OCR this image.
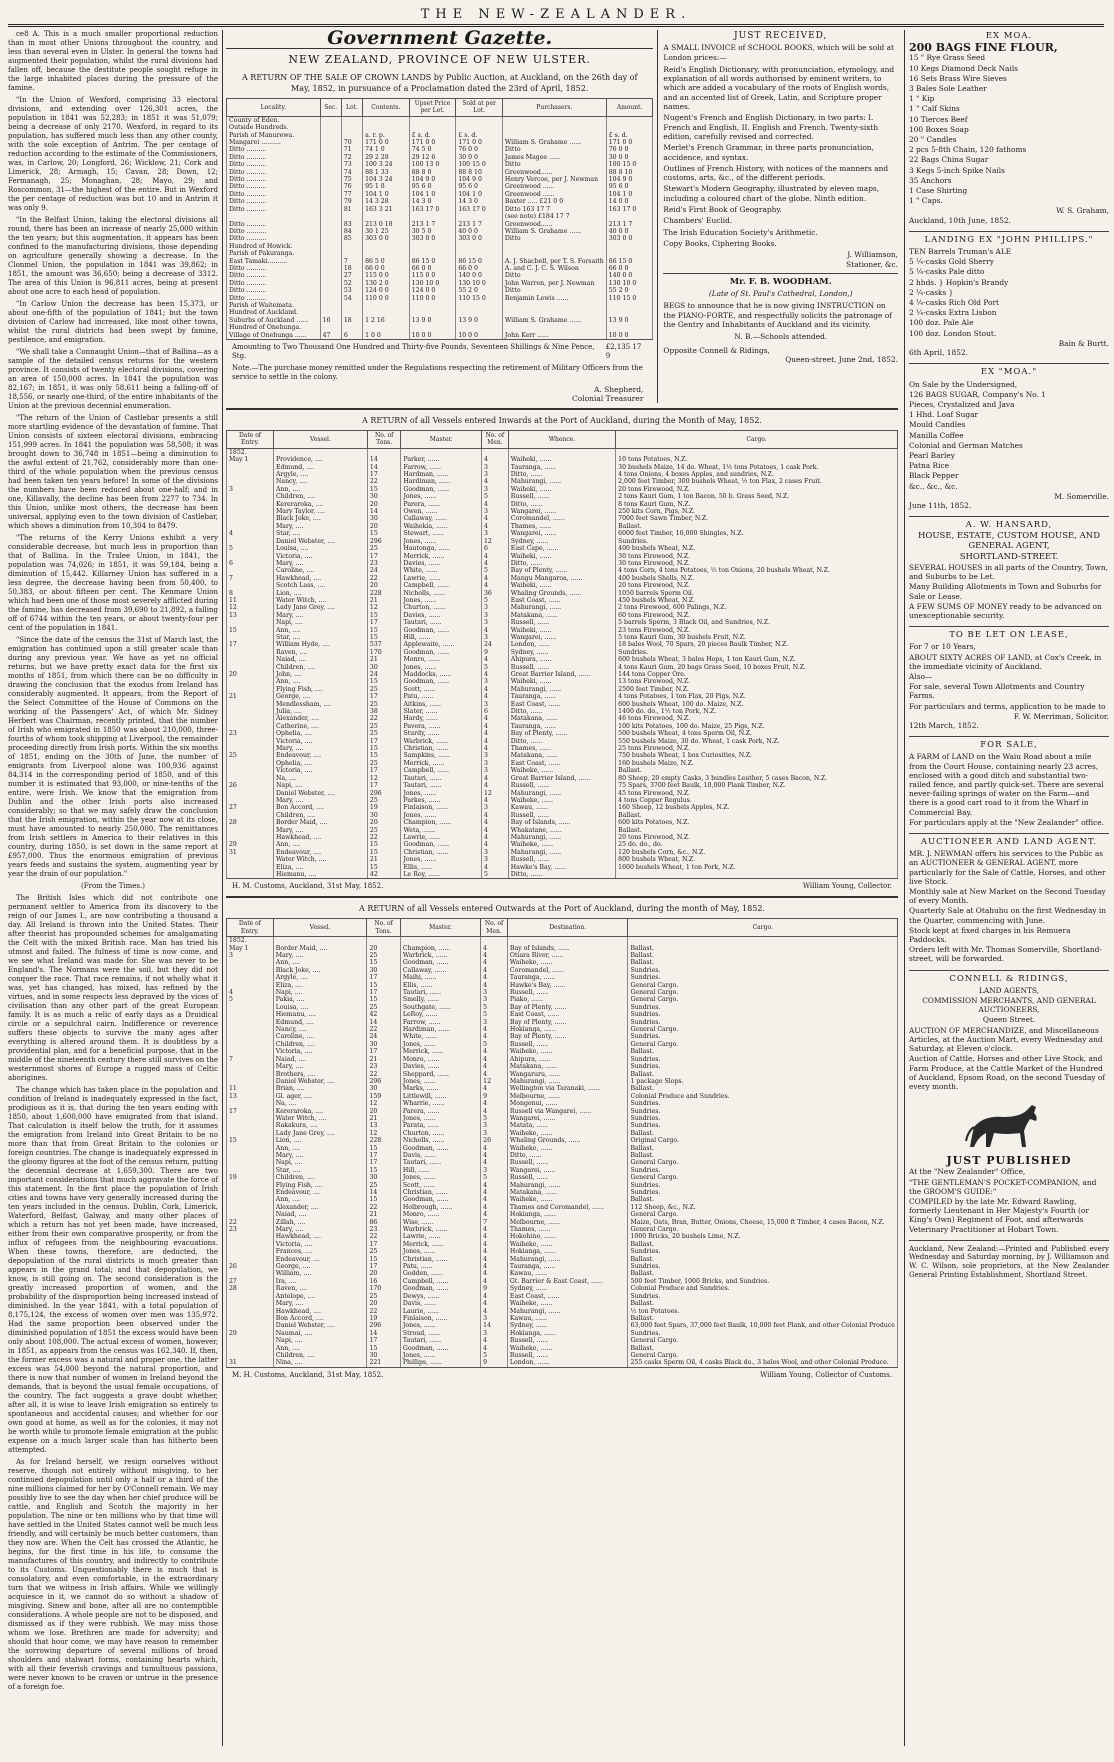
THE NEW-ZEALANDER.

ce8 A. This is a much smaller proportional reduction than in most other Unions throughout the country, and less than several even in Ulster. In general the towns had augmented their population, whilst the rural divisions had fallen off, because the destitute people sought refuge in the large inhabited places during the pressure of the famine.

"In the Union of Wexford, comprising 33 electoral divisions, and extending over 126,301 acres, the population in 1841 was 52,283; in 1851 it was 51,079; being a decrease of only 2170. Wexford, in regard to its population, has suffered much less than any other county, with the sole exception of Antrim. The per centage of reduction according to the estimate of the Commissioners, was, in Carlow, 20; Longford, 26; Wicklow, 21; Cork and Limerick, 28; Armagh, 15; Cavan, 28; Down, 12; Fermanagh, 25; Monaghan, 28; Mayo, 29; and Roscommon, 31—the highest of the entire. But in Wexford the per centage of reduction was but 10 and in Antrim it was only 9.

"In the Belfast Union, taking the electoral divisions all round, there has been an increase of nearly 25,000 within the ten years; but this augmentation, it appears has been confined to the manufacturing divisions, those depending on agriculture generally showing a decrease. In the Clonmel Union, the population in 1841 was 39,862; in 1851, the amount was 36,650; being a decrease of 3312. The area of this Union is 96,811 acres, being at present about one acre to each head of population.

"In Carlow Union the decrease has been 15,373, or about one-fifth of the population of 1841; but the town division of Carlow had increased, like most other towns, whilst the rural districts had been swept by famine, pestilence, and emigration.

"We shall take a Connaught Union—that of Ballina—as a sample of the detailed census returns for the western province. It consists of twenty electoral divisions, covering an area of 150,000 acres. In 1841 the population was 82,167; in 1851, it was only 58,611 being a falling-off of 18,556, or nearly one-third, of the entire inhabitants of the Union at the previous decennial enumeration.

"The return of the Union of Castlebar presents a still more startling evidence of the devastation of famine. That Union consists of sixteen electoral divisions, embracing 151,999 acres. In 1841 the population was 58,508; it was brought down to 36,748 in 1851—being a diminution to the awful extent of 21,762, considerably more than one-third of the whole population when the previous census had been taken ten years before! In some of the divisions the numbers have been reduced about one-half; and in one, Killavally, the decline has been from 2277 to 734. In this Union, unlike most others, the decrease has been universal, applying even to the town division of Castlebar, which shows a diminution from 10,304 to 8479.

"The returns of the Kerry Unions exhibit a very considerable decrease, but much less in proportion than that of Ballina. In the Tralee Union, in 1841, the population was 74,026; in 1851, it was 59,184, being a diminution of 15,442. Killarney Union has suffered in a less degree, the decrease having been from 50,400, to 50,383, or about fifteen per cent. The Kenmare Union which had been one of those most severely afflicted during the famine, has decreased from 39,690 to 21,892, a falling off of 6744 within the ten years, or about twenty-four per cent of the population in 1841.

"Since the date of the census the 31st of March last, the emigration has continued upon a still greater scale than during any previous year. We have as yet no official returns, but we have pretty exact data for the first six months of 1851, from which there can be no difficulty in drawing the conclusion that the exodus from Ireland has considerably augmented. It appears, from the Report of the Select Committee of the House of Commons on the working of the Passengers' Act, of which Mr. Sidney Herbert was Chairman, recently printed, that the number of Irish who emigrated in 1850 was about 210,000, three-fourths of whom took shipping at Liverpool, the remainder proceeding directly from Irish ports. Within the six months of 1851, ending on the 30th of June, the number of emigrants from Liverpool alone was 100,936 against 84,314 in the corresponding period of 1850, and of this number it is estimated that 93,000, or nine-tenths of the entire, were Irish. We know that the emigration from Dublin and the other Irish ports also increased considerably; so that we may safely draw the conclusion that the Irish emigration, within the year now at its close, must have amounted to nearly 250,000. The remittances from Irish settlers in America to their relatives in this country, during 1850, is set down in the same report at £957,000. Thus the enormous emigration of previous years feeds and sustains the system, augmenting year by year the drain of our population."

(From the Times.)

The British Isles which did not contribute one permanent settler to America from its discovery to the reign of our James I., are now contributing a thousand a day. All Ireland is thrown into the United States. Their after theorist has propounded schemes for amalgamating the Celt with the mixed British race. Man has tried his utmost and failed. The fulness of time is now come, and we see what Ireland was made for. She was never to be England's. The Normans were the soil, but they did not conquer the race. That race remains, if not wholly what it was, yet has changed, has mixed, has refined by the virtues, and in some respects less depraved by the vices of civilisation than any other part of the great European family. It is as much a relic of early days as a Druidical circle or a sepulchral cairn. Indifference or reverence suffers these objects to survive the many ages after everything is altered around them. It is doubtless by a providential plan, and for a beneficial purpose, that in the middle of the nineteenth century there still survives on the westernmost shores of Europe a rugged mass of Celtic aborigines.

The change which has taken place in the population and condition of Ireland is inadequately expressed in the fact, prodigious as it is, that during the ten years ending with 1850, about 1,600,000 have emigrated from that island. That calculation is itself below the truth, for it assumes the emigration from Ireland into Great Britain to be no more than that from Great Britain to the colonies or foreign countries. The change is inadequately expressed in the gloomy figures at the foot of the census return, putting the decennial decrease at 1,659,300. There are two important considerations that much aggravate the force of this statement. In the first place the population of Irish cities and towns have very generally increased during the ten years included in the census. Dublin, Cork, Limerick, Waterford, Belfast, Galway, and many other places of which a return has not yet been made, have increased, either from their own comparative prosperity, or from the influx of refugees from the neighbouring evacuations. When these towns, therefore, are deducted, the depopulation of the rural districts is much greater than appears in the grand total; and that depopulation, we know, is still going on. The second consideration is the greatly increased proportion of women, and the probability of the disproportion being increased instead of diminished. In the year 1841, with a total population of 8,175,124, the excess of women over men was 135,972. Had the same proportion been observed under the diminished population of 1851 the excess would have been only about 108,000. The actual excess of women, however, in 1851, as appears from the census was 162,340. If, then, the former excess was a natural and proper one, the latter excess was 54,000 beyond the natural proportion, and there is now that number of women in Ireland beyond the demands, that is beyond the usual female occupations, of the country. The fact suggests a grave doubt whether, after all, it is wise to leave Irish emigration so entirely to spontaneous and accidental causes; and whether for our own good at home, as well as for the colonies, it may not be worth while to promote female emigration at the public expense on a much larger scale than has hitherto been attempted.

As for Ireland herself, we resign ourselves without reserve, though not entirely without misgiving, to her continued depopulation until only a half or a third of the nine millions claimed for her by O'Connell remain. We may possibly live to see the day when her chief produce will be cattle, and English and Scotch the majority in her population. The nine or ten millions who by that time will have settled in the United States cannot well be much less friendly, and will certainly be much better customers, than they now are. When the Celt has crossed the Atlantic, he begins, for the first time in his life, to consume the manufactures of this country, and indirectly to contribute to its Customs. Unquestionably there is much that is consolatory, and even comfortable, in the extraordinary turn that we witness in Irish affairs. While we willingly acquiesce in it, we cannot do so without a shadow of misgiving. Sinew and bone, after all are no contemptible considerations. A whole people are not to be disposed, and dismissed as if they were rubbish. We may miss those whom we lose. Brethren are made for adversity; and should that hour come, we may have reason to remember the sorrowing departure of several millions of broad shoulders and stalwart forms, containing hearts which, with all their feverish cravings and tumultuous passions, were never known to be craven or untrue in the presence of a foreign foe.

Government Gazette.
NEW ZEALAND, PROVINCE OF NEW ULSTER.
A RETURN OF THE SALE OF CROWN LANDS by Public Auction, at Auckland, on the 26th day of May, 1852, in pursuance of a Proclamation dated the 23rd of April, 1852.
Locality.	Sec.	Lot.	Contents.	Upset Price per Lot.	Sold at per Lot.	Purchasers.	Amount.
County of Eden.							
Outside Hundreds.							
Parish of Manurewa.			a. r. p.	£ s. d.	£ s. d.		£ s. d.
Mangarei ..........		70	171 0 0	171 0 0	171 0 0	William S. Grahame ......	171 0 0
Ditto ..........		71	74 1 0	74 5 0	76 0 0	Ditto	76 0 0
Ditto ..........		72	29 2 28	29 12 6	30 0 0	James Magee ......	30 0 0
Ditto ..........		73	100 3 24	100 13 0	100 15 0	Ditto	100 15 0
Ditto ..........		74	88 1 33	88 8 0	88 8 10	Greenwood......	88 8 10
Ditto ..........		75	104 3 24	104 9 0	104 9 0	Henry Vercoe, per J. Newman	104 9 0
Ditto ..........		76	95 1 8	95 6 0	95 6 0	Greenwood ......	95 6 0
Ditto ..........		77	104 1 0	104 1 0	104 1 0	Greenwood ......	104 1 0
Ditto ..........		79	14 3 28	14 3 0	14 3 0	Baxter ..... £21 0 0	14 0 0
Ditto ..........		81	163 3 21	163 17 0	163 17 0	Ditto 163 17 7	163 17 0
						(see note) £184 17 7	
Ditto ..........		83	213 0 18	213 1 7	213 1 7	Greenwood......	213 1 7
Ditto ..........		84	30 1 25	30 5 0	40 0 0	William S. Grahame ......	40 0 0
Ditto ..........		85	303 0 0	303 0 0	303 0 0	Ditto	303 0 0
Hundred of Howick.							
Parish of Pakuranga.							
East Tamaki..........		7	86 5 0	86 15 0	86 15 0	A. J. Shacbell, per T. S. Forsaith	86 15 0
Ditto ..........		18	66 0 0	66 0 0	66 0 0	A. and C. J. C. S. Wilson	66 0 0
Ditto ..........		27	115 0 0	115 0 0	140 0 0	Ditto	140 0 0
Ditto ..........		52	130 2 0	130 10 0	130 10 0	John Warren, per J. Newman	130 10 0
Ditto ..........		53	124 0 0	124 0 0	55 2 0	Ditto	55 2 0
Ditto ..........		54	110 0 0	110 0 0	110 15 0	Benjamin Lewis ......	110 15 0
Parish of Waitemata.							
Hundred of Auckland.							
Suburbs of Auckland ......	16	18	1 2 16	13 9 0	13 9 0	William S. Grahame ......	13 9 0
Hundred of Onehunga.							
Village of Onehunga ......	47	6	1 0 0	10 0 0	10 0 0	John Kerr ......	10 0 0
Amounting to Two Thousand One Hundred and Thirty-five Pounds, Seventeen Shillings & Nine Pence, Stg.
£2,135 17 9
Note.—The purchase money remitted under the Regulations respecting the retirement of Military Officers from the service to settle in the colony.
A. Shepherd,
Colonial Treasurer
JUST RECEIVED,
A SMALL INVOICE of SCHOOL BOOKS, which will be sold at London prices:—
Reid's English Dictionary, with pronunciation, etymology, and explanation of all words authorised by eminent writers, to which are added a vocabulary of the roots of English words, and an accented list of Greek, Latin, and Scripture proper names.
Nugent's French and English Dictionary, in two parts: I. French and English, II. English and French. Twenty-sixth edition, carefully revised and corrected.
Merlet's French Grammar, in three parts pronunciation, accidence, and syntax.
Outlines of French History, with notices of the manners and customs, arts, &c., of the different periods.
Stewart's Modern Geography, illustrated by eleven maps, including a coloured chart of the globe. Ninth edition.
Reid's First Book of Geography.
Chambers' Euclid.
The Irish Education Society's Arithmetic.
Copy Books, Ciphering Books.
J. Williamson,
Stationer, &c.
Mr. F. B. WOODHAM.
(Late of St. Paul's Cathedral, London,)
BEGS to announce that he is now giving INSTRUCTION on the PIANO-FORTE, and respectfully solicits the patronage of the Gentry and Inhabitants of Auckland and its vicinity.
N. B.—Schools attended.
Opposite Connell & Ridings,
Queen-street, June 2nd, 1852.
A RETURN of all Vessels entered Inwards at the Port of Auckland, during the Month of May, 1852.
Date of Entry.	Vessel.	No. of Tons.	Master.	No. of Men.	Whence.	Cargo.
1852.						
May 1	Providence, ....	14	Parker, ......	4	Waiheki, ......	10 tons Potatoes, N.Z.
	Edmund, ....	14	Farrow, ......	3	Tauranga, ......	30 bushels Maize, 14 do. Wheat, 1½ tons Potatoes, 1 cask Pork.
	Argyle, ....	17	Hardman, ......	3	Ditto, ......	4 tons Onions, 4 boxes Apples, and sundries, N.Z.
	Nancy, ....	22	Hardiman, ......	4	Mahurangi, ......	2,000 feet Timber, 300 bushels Wheat, ½ ton Flax, 2 cases Fruit.
3	Ann, ....	15	Goodman, ......	3	Waiheki, ......	20 tons Firewood, N.Z.
	Children, ....	30	Jones, ......	5	Russell, ......	2 tons Kauri Gum, 1 ton Bacon, 50 b. Grass Seed, N.Z.
	Kereraroka, ....	20	Parera, ......	4	Ditto, ......	8 tons Kauri Gum, N.Z.
	Mary Taylor, ....	14	Owen, ......	3	Wangarei, ......	250 kits Corn, Pigs, N.Z.
	Black Joke, ....	30	Callaway, ......	4	Coromandel, ......	7000 feet Sawn Timber, N.Z.
	Mary, ....	20	Waihekia, ......	4	Thames, ......	Ballast.
4	Star, ....	15	Stewart, ......	3	Wangarei, ......	6000 feet Timber, 10,000 Shingles, N.Z.
	Daniel Webster, ....	296	Jones, ......	12	Sydney, ......	Sundries.
5	Louisa, ....	25	Hautonga, ......	6	East Cape, ......	400 bushels Wheat, N.Z.
	Victoria, ....	17	Merrick, ......	4	Waiheki, ......	30 tons Firewood, N.Z.
6	Mary, ....	23	Davies, ......	4	Ditto, ......	30 tons Firewood, N.Z.
	Caroline, ....	24	White, ......	5	Bay of Plenty, ......	4 tons Corn, 4 tons Potatoes, ½ ton Onions, 20 bushels Wheat, N.Z.
7	Hawkhead, ....	22	Lawrie, ......	4	Mangu Mangaroa, ......	400 bushels Shells, N.Z.
	Scotch Lass, ....	20	Campbell, ......	4	Waiheki, ......	20 tons Firewood, N.Z.
8	Lion, ....	228	Nicholls, ......	36	Whaling Grounds, ......	1050 barrels Sperm Oil.
11	Water Witch, ....	21	Jones, ......	5	East Coast, ......	450 bushels Wheat, N.Z.
12	Lady Jane Grey, ....	12	Churton, ......	3	Mahurangi, ......	2 tons Firewood, 600 Palings, N.Z.
13	Mary, ....	15	Davies, ......	3	Matakana, ......	60 tons Firewood, N.Z.
	Napi, ....	17	Tautari, ......	3	Russell, ......	5 barrels Sperm, 3 Black Oil, and Sundries, N.Z.
15	Ann, ....	15	Goodman, ......	4	Waiheki, ......	23 tons Firewood, N.Z.
	Star, ....	15	Hill, ......	3	Wangarei, ......	5 tons Kauri Gum, 30 bushels Fruit, N.Z.
17	William Hyde, ....	537	Applewaite, ......	24	London, ......	18 bales Wool, 70 Spars, 20 pieces Baulk Timber, N.Z.
	Raven, ....	170	Goodman, ......	9	Sydney, ......	Sundries.
	Naiad, ....	21	Monro, ......	4	Ahipura, ......	600 bushels Wheat, 3 bales Hops, 1 ton Kauri Gum, N.Z.
	Children, ....	30	Jones, ......	5	Russell, ......	4 tons Kauri Gum, 20 bags Grass Seed, 10 boxes Fruit, N.Z.
20	John, ....	24	Maddocks, ......	4	Great Barrier Island, ......	144 tons Copper Ore.
	Ann, ....	15	Goodman, ......	3	Waiheki, ......	13 tons Firewood, N.Z.
	Flying Fish, ....	25	Scott, ......	4	Mahurangi, ......	2500 feet Timber, N.Z.
21	George, ....	17	Patu, ......	4	Tauranga, ......	4 tons Potatoes, 1 ton Flax, 20 Pigs, N.Z.
	Mendlessham, ....	25	Aitkins, ......	3	East Coast, ......	600 bushels Wheat, 100 do. Maize, N.Z.
	Julia, ....	38	Slater, ......	6	Ditto, ......	1400 do. do., 1½ ton Pork, N.Z.
	Alexander, ....	22	Hardy, ......	4	Matakana, ......	46 tons Firewood, N.Z.
	Catherine, ....	25	Pavera, ......	4	Tauranga, ......	100 kits Potatoes, 100 do. Maize, 25 Pigs, N.Z.
23	Ophelia, ....	25	Sturdy, ......	4	Bay of Plenty, ......	500 bushels Wheat, 4 tons Sperm Oil, N.Z.
	Victoria, ....	17	Warbrick, ......	4	Ditto, ......	550 bushels Maize, 30 do. Wheat, 1 cask Pork, N.Z.
	Mary, ....	15	Christian, ......	4	Thames, ......	25 tons Firewood, N.Z.
25	Endeavour, ....	15	Sampkins, ......	3	Matakana, ......	750 bushels Wheat, 1 box Curiosities, N.Z.
	Ophelia, ....	25	Merrick, ......	3	East Coast, ......	160 bushels Maize, N.Z.
	Victoria, ....	17	Campbell, ......	3	Waiheke, ......	Ballast.
	Na, ....	12	Tautari, ......	4	Great Barrier Island, ......	80 Sheep, 20 empty Casks, 3 bundles Leather, 5 cases Bacon, N.Z.
26	Napi, ....	17	Tautari, ......	4	Russell, ......	75 Spars, 3700 feet Baulk, 10,000 Plank Timber, N.Z.
	Daniel Webster, ....	296	Jones, ......	12	Mahurangi, ......	45 tons Firewood, N.Z.
	Mary, ....	25	Parkes, ......	4	Waiheke, ......	4 tons Copper Regulus.
27	Bon Accord, ....	19	Finlaison, ......	3	Kawau, ......	160 Sheep, 12 bushels Apples, N.Z.
	Children, ....	30	Jones, ......	4	Russell, ......	Ballast.
28	Border Maid, ....	20	Champion, ......	4	Bay of Islands, ......	600 kits Potatoes, N.Z.
	Mary, ....	25	Weta, ......	4	Whakatane, ......	Ballast.
	Hawkhead, ....	22	Lawrie, ......	4	Mahurangi, ......	20 tons Firewood, N.Z.
29	Ann, ....	15	Goodman, ......	4	Waiheke, ......	25 do. do., do.
31	Endeavour, ....	15	Christian, ......	3	Mahurangi, ......	120 bushels Corn, &c., N.Z.
	Water Witch, ....	21	Jones, ......	3	Russell, ......	800 bushels Wheat, N.Z.
	Eliza, ....	15	Ellis, ......	4	Hawke's Bay, ......	1600 bushels Wheat, 1 ton Pork, N.Z.
	Hiemanu, ....	42	Le Roy, ......	5	Ditto, ......	
H. M. Customs, Auckland, 31st May, 1852.	William Young, Collector.
A RETURN of all Vessels entered Outwards at the Port of Auckland, during the month of May, 1852.
Date of Entry.	Vessel.	No. of Tons.	Master.	No. of Men.	Destination.	Cargo.
1852.						
May 1	Border Maid, ....	20	Champion, ......	4	Bay of Islands, ......	Ballast.
3	Mary, ....	25	Warbrick, ......	4	Otiara River, ......	Ballast.
	Ann, ....	15	Goodman, ......	4	Waiheke, ......	Ballast.
	Black Joke, ....	30	Callaway, ......	4	Coromandel, ......	Sundries.
	Argyle, ....	17	Maihi, ......	4	Tauranga, ......	Sundries.
	Eliza, ....	15	Ellis, ......	4	Hawke's Bay, ......	General Cargo.
4	Napi, ....	17	Tautari, ......	3	Russell, ......	General Cargo.
5	Pakia, ....	15	Smelly, ......	3	Piako, ......	General Cargo.
	Louisa, ....	25	Southgate, ......	5	Bay of Plenty, ......	Sundries.
	Hiemanu, ....	42	LeRoy, ......	5	East Coast, ......	Sundries.
	Edmund, ....	14	Farrow, ......	3	Bay of Plenty, ......	Sundries.
	Nancy, ....	22	Hardiman, ......	4	Hokianga, ......	General Cargo.
	Caroline, ....	24	White, ......	4	Bay of Plenty, ......	Sundries.
	Children, ....	30	Jones, ......	5	Russell, ......	General Cargo.
	Victoria, ....	17	Merrick, ......	4	Waiheke, ......	Ballast.
7	Naiad, ....	21	Monro, ......	4	Ahipura, ......	Sundries.
	Mary, ....	23	Davies, ......	4	Matakana, ......	Sundries.
	Brothers, ....	22	Sheppard, ......	4	Wangaruru, ......	Ballast.
	Daniel Webster, ....	296	Jones, ......	12	Mahurangi, ......	1 package Slops.
11	Brian, ....	30	Marks, ......	4	Wellington via Taranaki, ......	Ballast.
13	Gl. ager, ....	159	Littlewill, ......	9	Melbourne, ......	Colonial Produce and Sundries.
	Na, ....	12	Wharrie, ......	4	Mongonui, ......	Sundries.
17	Kereraroka, ....	20	Parera, ......	4	Russell via Wangarei, ......	Sundries.
	Water Witch, ....	21	Jones, ......	5	Wangarei, ......	Sundries.
	Rakakura, ....	13	Parata, ......	3	Matata, ......	Sundries.
	Lady Jane Grey, ....	12	Churton, ......	3	Waiheke, ......	Ballast.
15	Lion, ....	228	Nicholls, ......	26	Whaling Grounds, ......	Original Cargo.
	Ann, ....	15	Goodman, ......	4	Waiheke, ......	Ballast.
	Mary, ....	17	Davis, ......	4	Ditto, ......	Ballast.
	Napi, ....	17	Tautari, ......	4	Russell, ......	General Cargo.
	Star, ....	15	Hill, ......	3	Wangarei, ......	Sundries.
19	Children, ....	30	Jones, ......	5	Russell, ......	General Cargo.
	Flying Fish, ....	25	Scott, ......	4	Mahurangi, ......	Sundries.
	Endeavour, ....	14	Christian, ......	4	Matakana, ......	Sundries.
	Ann, ....	15	Goodman, ......	4	Waiheke, ......	Ballast.
	Alexander, ....	22	Holbrough, ......	4	Thames and Coromandel, ......	112 Sheep, &c., N.Z.
	Naiad, ....	21	Monro, ......	4	Hokianga, ......	General Cargo.
22	Zillah, ....	86	Wise, ......	7	Melbourne, ......	Maize, Oats, Bran, Butter, Onions, Cheese, 15,000 ft Timber, 4 cases Bacon, N.Z.
23	Mary, ....	23	Warbrick, ......	4	Thames, ......	General Cargo.
	Hawkhead, ....	22	Lawrie, ......	4	Hokohino, ......	1000 Bricks, 20 bushels Lime, N.Z.
	Victoria, ....	17	Merrick, ......	4	Waiheke, ......	Ballast.
	Frances, ....	25	Jones, ......	4	Hokianga, ......	Sundries.
	Endeavour, ....	15	Christian, ......	4	Mahurangi, ......	Ballast.
26	George, ....	17	Patu, ......	4	Tauranga, ......	Sundries.
	William, ....	20	Godden, ......	4	Kawau, ......	Ballast.
27	Ira, ....	16	Campbell, ......	4	Gt. Barrier & East Coast, ......	500 feet Timber, 1000 Bricks, and Sundries.
28	Raven, ....	170	Goodman, ......	9	Sydney, ......	Colonial Produce and Sundries.
	Antelope, ....	25	Dewys, ......	4	East Coast, ......	Sundries.
	Mary, ....	20	Davis, ......	4	Waiheke, ......	Ballast.
	Hawkhead, ....	22	Laurie, ......	4	Mahurangi, ......	½ ton Potatoes.
	Bon Accord, ....	19	Finlaison, ......	3	Kawau, ......	Ballast.
	Daniel Webster, ....	296	Jones, ......	14	Sydney, ......	63,000 feet Spars, 37,000 feet Baulk, 10,000 feet Plank, and other Colonial Produce
29	Naumai, ....	14	Stroud, ......	3	Hokianga, ......	Sundries.
	Napi, ....	17	Tautari, ......	4	Russell, ......	General Cargo.
	Ann, ....	15	Goodman, ......	4	Waiheke, ......	Ballast.
	Children, ....	30	Jones, ......	5	Russell, ......	General Cargo.
31	Nina, ....	221	Phillips, ......	9	London, ......	255 casks Sperm Oil, 4 casks Black do., 3 bales Wool, and other Colonial Produce.
M. H. Customs, Auckland, 31st May, 1852.	William Young, Collector of Customs.
EX MOA.
200 BAGS FINE FLOUR,
15 " Rye Grass Seed
10 Kegs Diamond Deck Nails
16 Sets Brass Wire Sieves
3 Bales Sole Leather
1 " Kip
1 " Calf Skins
10 Tierces Beef
100 Boxes Soap
20 " Candles
2 pcs 5-8th Chain, 120 fathoms
22 Bags China Sugar
3 Kegs 5-inch Spike Nails
35 Anchors
1 Case Shirting
1 " Caps.
W. S. Graham,
Auckland, 10th June, 1852.
LANDING EX "JOHN PHILLIPS."
TEN Barrels Truman's ALE
5 ¼-casks Gold Sherry
5 ¼-casks Pale ditto
2 hhds. } Hopkin's Brandy
2 ¼-casks }
4 ¼-casks Rich Old Port
2 ¼-casks Extra Lisbon
100 doz. Pale Ale
100 doz. London Stout.
Bain & Burtt.
6th April, 1852.
EX "MOA."
On Sale by the Undersigned,
126 BAGS SUGAR, Company's No. 1
Pieces, Crystalized and Java
1 Hhd. Loaf Sugar
Mould Candles
Manilla Coffee
Colonial and German Matches
Pearl Barley
Patna Rice
Black Pepper
&c., &c., &c.
M. Somerville.
June 11th, 1852.
A. W. HANSARD,
HOUSE, ESTATE, CUSTOM HOUSE, AND GENERAL AGENT,
SHORTLAND-STREET.
SEVERAL HOUSES in all parts of the Country, Town, and Suburbs to be Let.
Many Building Allotments in Town and Suburbs for Sale or Lease.
A FEW SUMS OF MONEY ready to be advanced on unexceptionable security.
TO BE LET ON LEASE,
For 7 or 10 Years,
ABOUT SIXTY ACRES OF LAND, at Cox's Creek, in the immediate vicinity of Auckland.
Also—
For sale, several Town Allotments and Country Farms.
For particulars and terms, application to be made to
F. W. Merriman, Solicitor.
12th March, 1852.
FOR SALE,
A FARM of LAND on the Waiu Road about a mile from the Court House, containing nearly 23 acres, enclosed with a good ditch and substantial two-railed fence, and partly quick-set. There are several never-failing springs of water on the Farm—and there is a good cart road to it from the Wharf in Commercial Bay.
For particulars apply at the "New Zealander" office.
AUCTIONEER AND LAND AGENT.
MR. J. NEWMAN offers his services to the Public as an AUCTIONEER & GENERAL AGENT, more particularly for the Sale of Cattle, Horses, and other live Stock.
Monthly sale at New Market on the Second Tuesday of every Month.
Quarterly Sale at Otahuhu on the first Wednesday in the Quarter, commencing with June.
Stock kept at fixed charges in his Remuera Paddocks.
Orders left with Mr. Thomas Somerville, Shortland-street, will be forwarded.
CONNELL & RIDINGS,
LAND AGENTS,
COMMISSION MERCHANTS, AND GENERAL AUCTIONEERS,
Queen Street.
AUCTION OF MERCHANDIZE, and Miscellaneous Articles, at the Auction Mart, every Wednesday and Saturday, at Eleven o'clock.
Auction of Cattle, Horses and other Live Stock, and Farm Produce, at the Cattle Market of the Hundred of Auckland, Epsom Road, on the second Tuesday of every month.
JUST PUBLISHED
At the "New Zealander" Office,
"THE GENTLEMAN'S POCKET-COMPANION, and the GROOM'S GUIDE:"
COMPILED by the late Mr. Edward Rawling, formerly Lieutenant in Her Majesty's Fourth (or King's Own) Regiment of Foot, and afterwards Veterinary Practitioner at Hobart Town.
Auckland, New Zealand:—Printed and Published every Wednesday and Saturday morning, by J. Williamson and W. C. Wilson, sole proprietors, at the New Zealander General Printing Establishment, Shortland Street.
